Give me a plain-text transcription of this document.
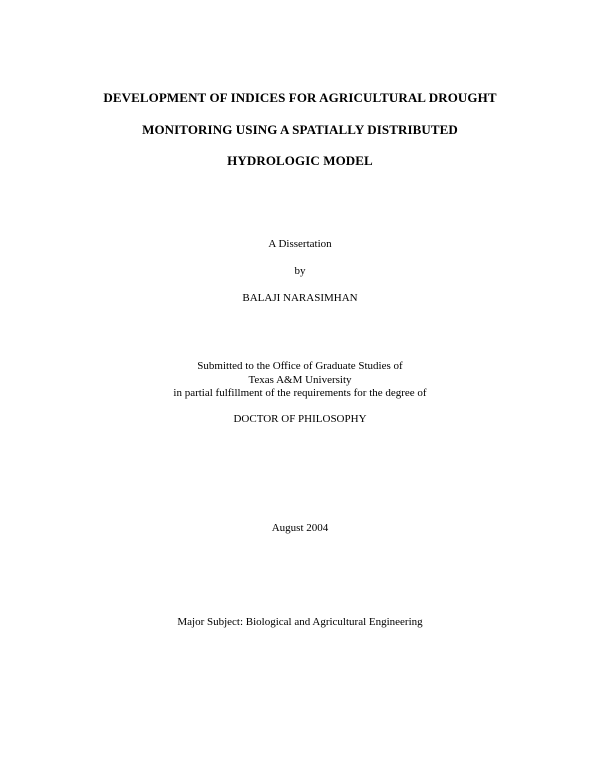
DEVELOPMENT OF INDICES FOR AGRICULTURAL DROUGHT
MONITORING USING A SPATIALLY DISTRIBUTED
HYDROLOGIC MODEL
A Dissertation
by
BALAJI NARASIMHAN
Submitted to the Office of Graduate Studies of
Texas A&M University
in partial fulfillment of the requirements for the degree of
DOCTOR OF PHILOSOPHY
August 2004
Major Subject: Biological and Agricultural Engineering
